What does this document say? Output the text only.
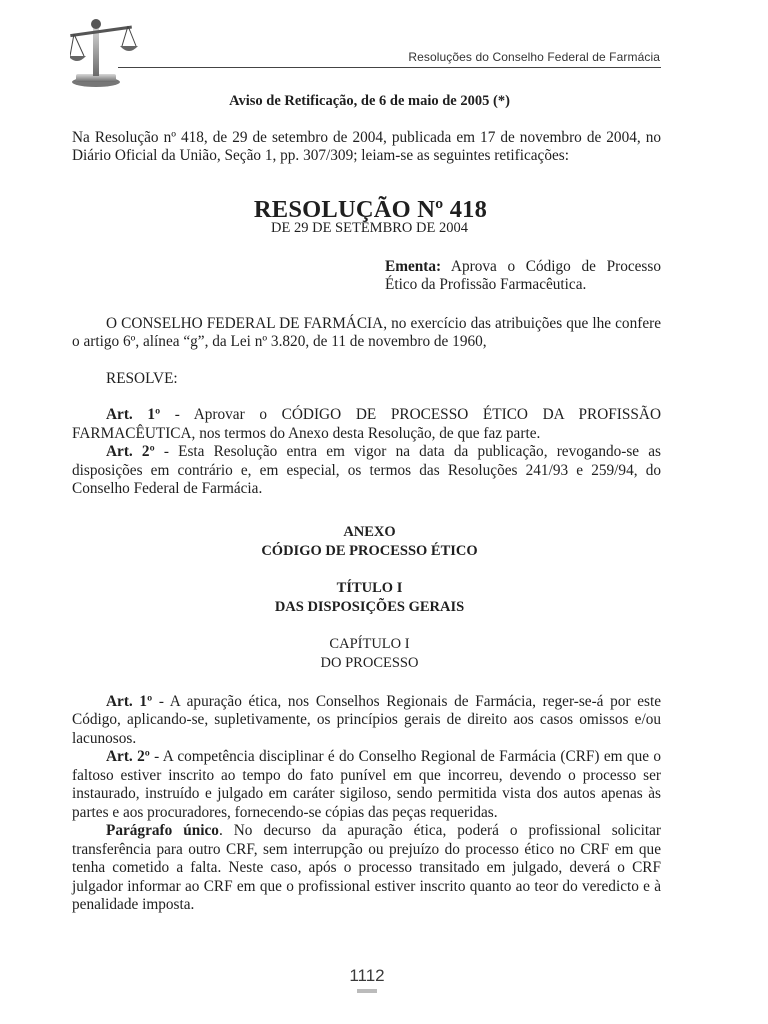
Resoluções do Conselho Federal de Farmácia

Aviso de Retificação, de 6 de maio de 2005 (*)

Na Resolução nº 418, de 29 de setembro de 2004, publicada em 17 de novembro de 2004, no Diário Oficial da União, Seção 1, pp. 307/309; leiam-se as seguintes retificações:

RESOLUÇÃO Nº 418

DE 29 DE SETEMBRO DE 2004

Ementa: Aprova o Código de Processo Ético da Profissão Farmacêutica.

O CONSELHO FEDERAL DE FARMÁCIA, no exercício das atribuições que lhe confere o artigo 6º, alínea “g”, da Lei nº 3.820, de 11 de novembro de 1960,

RESOLVE:

Art. 1º - Aprovar o CÓDIGO DE PROCESSO ÉTICO DA PROFISSÃO FARMACÊUTICA, nos termos do Anexo desta Resolução, de que faz parte.

Art. 2º - Esta Resolução entra em vigor na data da publicação, revogando-se as disposições em contrário e, em especial, os termos das Resoluções 241/93 e 259/94, do Conselho Federal de Farmácia.

ANEXO

CÓDIGO DE PROCESSO ÉTICO

TÍTULO I

DAS DISPOSIÇÕES GERAIS

CAPÍTULO I

DO PROCESSO

Art. 1º - A apuração ética, nos Conselhos Regionais de Farmácia, reger-se-á por este Código, aplicando-se, supletivamente, os princípios gerais de direito aos casos omissos e/ou lacunosos.

Art. 2º - A competência disciplinar é do Conselho Regional de Farmácia (CRF) em que o faltoso estiver inscrito ao tempo do fato punível em que incorreu, devendo o processo ser instaurado, instruído e julgado em caráter sigiloso, sendo permitida vista dos autos apenas às partes e aos procuradores, fornecendo-se cópias das peças requeridas.

Parágrafo único. No decurso da apuração ética, poderá o profissional solicitar transferência para outro CRF, sem interrupção ou prejuízo do processo ético no CRF em que tenha cometido a falta. Neste caso, após o processo transitado em julgado, deverá o CRF julgador informar ao CRF em que o profissional estiver inscrito quanto ao teor do veredicto e à penalidade imposta.

1112
